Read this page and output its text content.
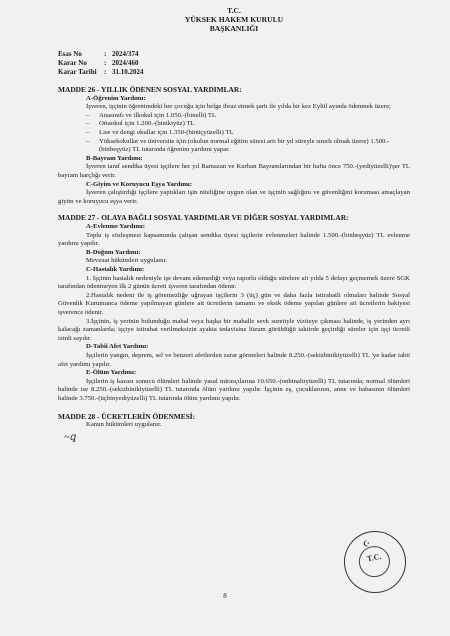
T.C.
YÜKSEK HAKEM KURULU
BAŞKANLIĞI
Esas No	: 2024/374
Karar No	: 2024/460
Karar Tarihi	: 31.10.2024
MADDE 26 - YILLIK ÖDENEN SOSYAL YARDIMLAR:
A-Öğrenim Yardımı:

İşveren, işçinin öğrenimdeki her çocuğu için belge ibraz etmek şartı ile yılda bir kez Eylül ayında ödenmek üzere;

– Anasınıfı ve ilkokul için 1.050.-(binelli) TL
– Ortaokul için 1.200.-(binikiyüz) TL
– Lise ve dengi okullar için 1.350-(binüçyüzelli) TL
– Yüksekokullar ve üniversite için (okulun normal eğitim süresi artı bir yıl süreyle sınırlı olmak üzere) 1.500.-(binbeşyüz) TL tutarında öğrenim yardımı yapar.
B-Bayram Yardımı:

İşveren taraf sendika üyesi işçilere her yıl Ramazan ve Kurban Bayramlarından bir hafta önce 750.-(yediyüzelli)'şer TL bayram harçlığı verir.

C-Giyim ve Koruyucu Eşya Yardımı:

İşveren çalıştırdığı işçilere yaptıkları işin niteliğine uygun olan ve işçinin sağlığını ve güvenliğini koruması amaçlayan giyim ve koruyucu eşya verir.

MADDE 27 - OLAYA BAĞLI SOSYAL YARDIMLAR VE DİĞER SOSYAL YARDIMLAR:
A-Evlenme Yardımı:

Toplu iş sözleşmesi kapsamında çalışan sendika üyesi işçilerin evlenmeleri halinde 1.500.-(binbeşyüz) TL evlenme yardımı yapılır.

B-Doğum Yardımı:

Mevzuat hükümleri uygulanır.

C-Hastalık Yardımı:

1. İşçinin hastalık nedeniyle işe devam edemediği veya raporlu olduğu sürelere ait yılda 5 defayı geçmemek üzere SGK tarafından ödenmeyen ilk 2 günün ücreti işveren tarafından ödenir.

2.Hastalık nedeni ile iş göremezliğe uğrayan işçilerin 3 (üç) gün ve daha fazla istirahatli olmaları halinde Sosyal Güvenlik Kurumunca ödeme yapılmayan günlere ait ücretlerin tamamı ve eksik ödeme yapılan günlere ait ücretlerin bakiyesi işverence ödenir.

3.İşçinin, iş yerinin bulunduğu mahal veya başka bir mahalle sevk suretiyle viziteye çıkması halinde, iş yerinden ayrı kalacağı zamanlarda; işçiye istirahat verilmeksizin ayakta tedavisine lüzum görüldüğü taktirde geçirdiği süreler için işçi ücretli izinli sayılır.

D-Tabii Afet Yardımı:

İşçilerin yangın, deprem, sel ve benzeri afetlerden zarar görmeleri halinde 8.250.-(sekizbinikiyüzelli) TL 'ye kadar tabii afet yardımı yapılır.

E-Ölüm Yardımı:

İşçilerin iş kazası sonucu ölümleri halinde yasal mirasçılarına 10.650.-(onbinaltıyüzelli) TL tutarında; normal ölümleri halinde ise 8.250.-(sekizbinikiyüzelli) TL tutarında ölüm yardımı yapılır. İşçinin eş, çocuklarının, anne ve babasının ölümleri halinde 3.750.-(üçbinyediyüzelli) TL tutarında ölüm yardımı yapılır.

MADDE 28 - ÜCRETLERİN ÖDENMESİ:

Kanun hükümleri uygulanır.

~ꝗ
☪
T.C.
8
